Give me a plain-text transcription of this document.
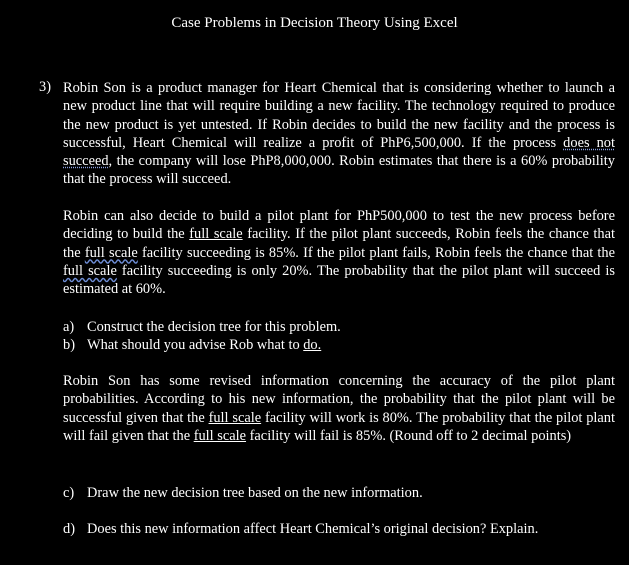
Case Problems in Decision Theory Using Excel
3) Robin Son is a product manager for Heart Chemical that is considering whether to launch a new product line that will require building a new facility. The technology required to produce the new product is yet untested. If Robin decides to build the new facility and the process is successful, Heart Chemical will realize a profit of PhP6,500,000. If the process does not succeed, the company will lose PhP8,000,000. Robin estimates that there is a 60% probability that the process will succeed.
Robin can also decide to build a pilot plant for PhP500,000 to test the new process before deciding to build the full scale facility. If the pilot plant succeeds, Robin feels the chance that the full scale facility succeeding is 85%. If the pilot plant fails, Robin feels the chance that the full scale facility succeeding is only 20%. The probability that the pilot plant will succeed is estimated at 60%.
a) Construct the decision tree for this problem.
b) What should you advise Rob what to do.
Robin Son has some revised information concerning the accuracy of the pilot plant probabilities. According to his new information, the probability that the pilot plant will be successful given that the full scale facility will work is 80%. The probability that the pilot plant will fail given that the full scale facility will fail is 85%. (Round off to 2 decimal points)
c) Draw the new decision tree based on the new information.
d) Does this new information affect Heart Chemical’s original decision? Explain.
